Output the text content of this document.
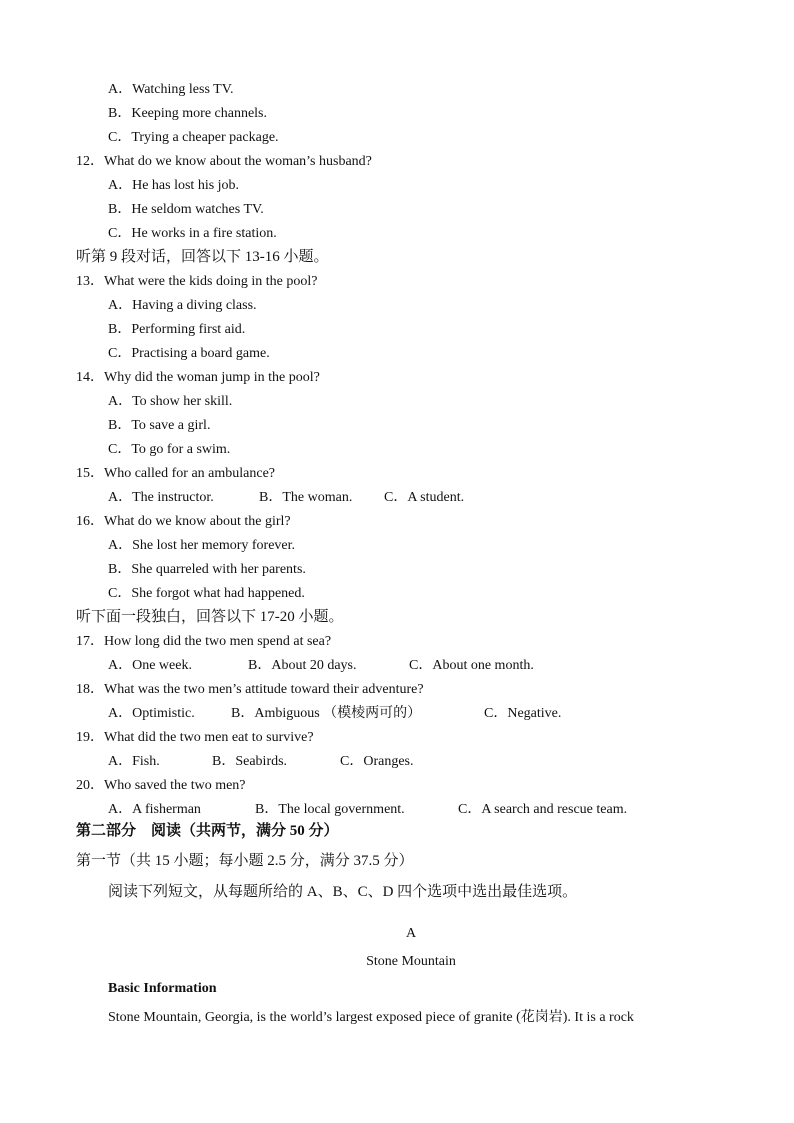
A．Watching less TV.
B．Keeping more channels.
C．Trying a cheaper package.
12．What do we know about the woman’s husband?
A．He has lost his job.
B．He seldom watches TV.
C．He works in a fire station.
听第 9 段对话，回答以下 13-16 小题。
13．What were the kids doing in the pool?
A．Having a diving class.
B．Performing first aid.
C．Practising a board game.
14．Why did the woman jump in the pool?
A．To show her skill.
B．To save a girl.
C．To go for a swim.
15．Who called for an ambulance?
A．The instructor.	B．The woman. C．A student.
16．What do we know about the girl?
A．She lost her memory forever.
B．She quarreled with her parents.
C．She forgot what had happened.
听下面一段独白，回答以下 17-20 小题。
17．How long did the two men spend at sea?
A．One week.	B．About 20 days.	C．About one month.
18．What was the two men’s attitude toward their adventure?
A．Optimistic.	B．Ambiguous （模棱两可的）	C．Negative.
19．What did the two men eat to survive?
A．Fish.	B．Seabirds.	C．Oranges.
20．Who saved the two men?
A．A fisherman	B．The local government.	C．A search and rescue team.
第二部分　阅读（共两节，满分 50 分）
第一节（共 15 小题；每小题 2.5 分，满分 37.5 分）
阅读下列短文，从每题所给的 A、B、C、D 四个选项中选出最佳选项。
A
Stone Mountain
Basic Information
Stone Mountain, Georgia, is the world’s largest exposed piece of granite (花岗岩). It is a rock
